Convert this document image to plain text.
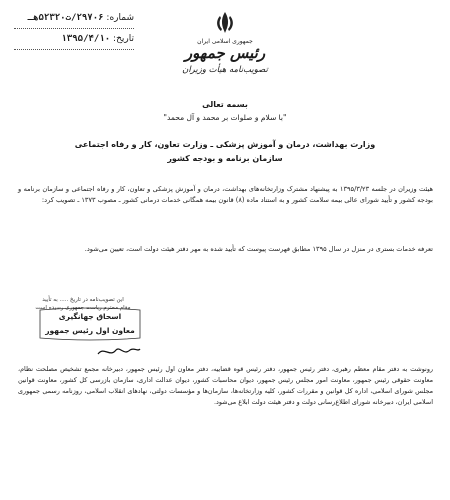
شماره: ۲۹۷۰۶/ت۵۲۳۲۰هـ
تاریخ: ۱۳۹۵/۴/۱۰	جمهوری اسلامی ایران
رئیس جمهور
تصویب‌نامه هیأت وزیران
بسمه تعالی
"با سلام و صلوات بر محمد و آل محمد"
وزارت بهداشت، درمان و آموزش پزشکی ـ وزارت تعاون، کار و رفاه اجتماعی
سازمان برنامه و بودجه کشور
هیئت وزیران در جلسه ۱۳۹۵/۳/۲۳ به پیشنهاد مشترک وزارتخانه‌های بهداشت، درمان و آموزش پزشکی و تعاون، کار و رفاه اجتماعی و سازمان برنامه و بودجه کشور و تأیید شورای عالی بیمه سلامت کشور و به استناد ماده (۸) قانون بیمه همگانی خدمات درمانی کشور ـ مصوب ۱۳۷۳ ـ تصویب کرد:
تعرفه خدمات بستری در منزل در سال ۱۳۹۵ مطابق فهرست پیوست که تأیید شده به مهر دفتر هیئت دولت است، تعیین می‌شود.
این تصویب‌نامه در تاریخ ..... به تأیید
مقام محترم ریاست جمهوری رسیده است
اسحاق جهانگیری
معاون اول رئیس جمهور
رونوشت به دفتر مقام معظم رهبری، دفتر رئیس جمهور، دفتر رئیس قوه قضاییه، دفتر معاون اول رئیس جمهور، دبیرخانه مجمع تشخیص مصلحت نظام، معاونت حقوقی رئیس جمهور، معاونت امور مجلس رئیس جمهور، دیوان محاسبات کشور، دیوان عدالت اداری، سازمان بازرسی کل کشور، معاونت قوانین مجلس شورای اسلامی، اداره کل قوانین و مقررات کشور، کلیه وزارتخانه‌ها، سازمان‌ها و مؤسسات دولتی، نهادهای انقلاب اسلامی، روزنامه رسمی جمهوری اسلامی ایران، دبیرخانه شورای اطلاع‌رسانی دولت و دفتر هیئت دولت ابلاغ می‌شود.
